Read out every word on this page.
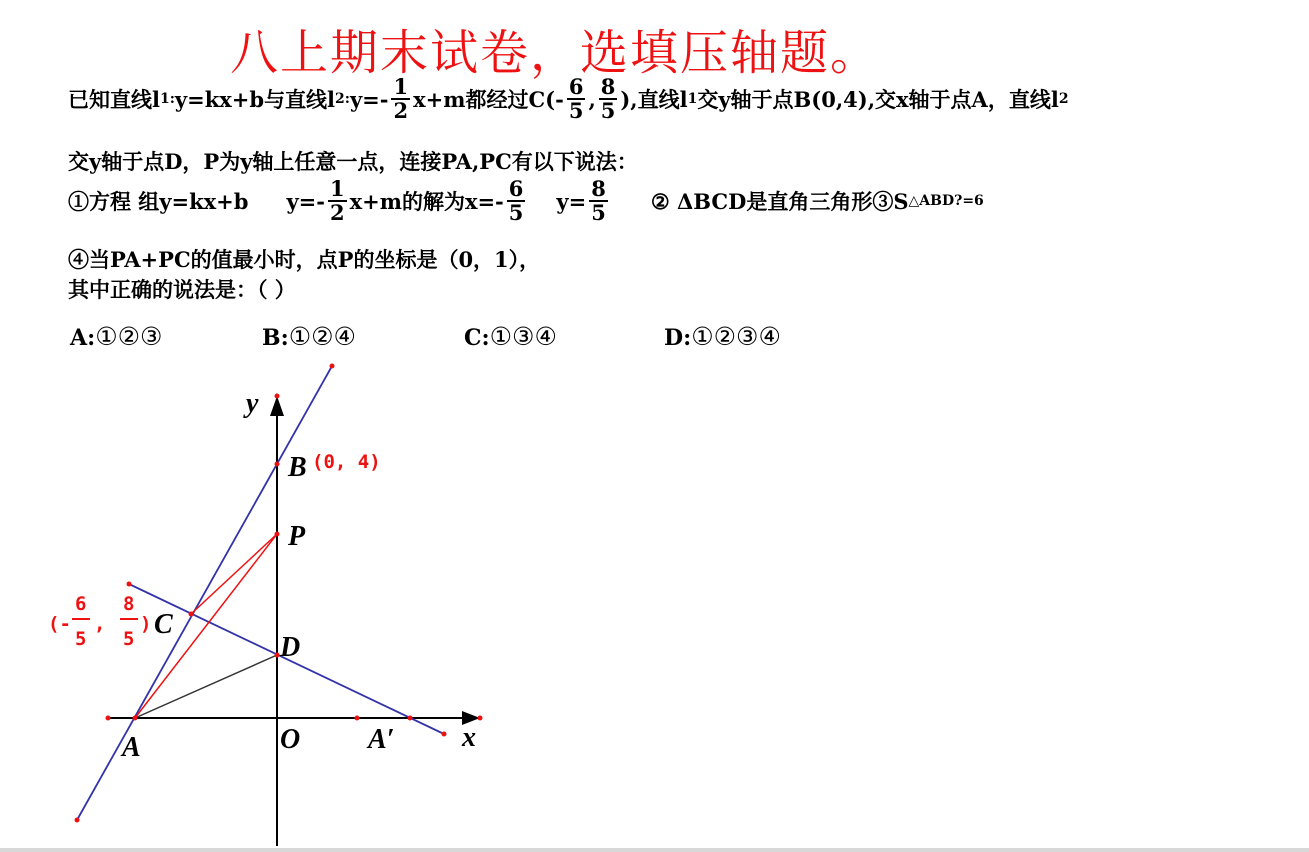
八上期末试卷，选填压轴题。
已知直线l 1: y=kx+b 与直线l 2: $y=- \frac{1}{2} x+m$都经过$C(- \frac{6}{5}$ , $\frac{8}{5}$ ),直线l 1 交y轴于点B(0,4),交x轴于点A，直线l 2
交y轴于点D，P为y轴上任意一点，连接PA,PC有以下说法：
①方程 组y=kx+b $y=- \frac{1}{2} x+m$的解为$x=- \frac{6}{5} y= \frac{8}{5}$ ② ΔBCD是直角三角形③S △ABD?=6
④当PA+PC的值最小时，点P的坐标是（0，1），
其中正确的说法是：（ ）
A:①②③	B:①②④	C:①③④	D:①②③④
y
x
B
P
D
C
A	O A′
(0, 4)
(-
6
5
,
8
5
)
